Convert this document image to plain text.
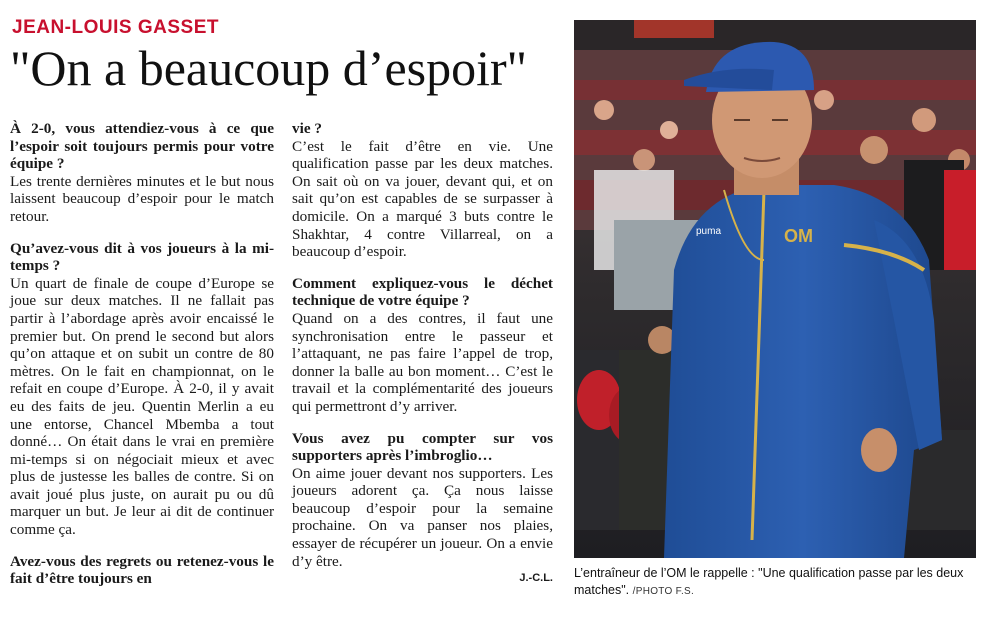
JEAN-LOUIS GASSET
"On a beaucoup d’espoir"

À 2-0, vous attendiez-vous à ce que l’espoir soit toujours permis pour votre équipe ?

Les trente dernières minutes et le but nous laissent beaucoup d’espoir pour le match retour.

Qu’avez-vous dit à vos joueurs à la mi-temps ?

Un quart de finale de coupe d’Europe se joue sur deux matches. Il ne fallait pas partir à l’abordage après avoir encaissé le premier but. On prend le second but alors qu’on attaque et on subit un contre de 80 mètres. On le fait en championnat, on le refait en coupe d’Europe. À 2-0, il y avait eu des faits de jeu. Quentin Merlin a eu une entorse, Chancel Mbemba a tout donné… On était dans le vrai en première mi-temps si on négociait mieux et avec plus de justesse les balles de contre. Si on avait joué plus juste, on aurait pu ou dû marquer un but. Je leur ai dit de continuer comme ça.

Avez-vous des regrets ou retenez-vous le fait d’être toujours en

vie ?

C’est le fait d’être en vie. Une qualification passe par les deux matches. On sait où on va jouer, devant qui, et on sait qu’on est capables de se surpasser à domicile. On a marqué 3 buts contre le Shakhtar, 4 contre Villarreal, on a beaucoup d’espoir.

Comment expliquez-vous le déchet technique de votre équipe ?

Quand on a des contres, il faut une synchronisation entre le passeur et l’attaquant, ne pas faire l’appel de trop, donner la balle au bon moment… C’est le travail et la complémentarité des joueurs qui permettront d’y arriver.

Vous avez pu compter sur vos supporters après l’imbroglio…

On aime jouer devant nos supporters. Les joueurs adorent ça. Ça nous laisse beaucoup d’espoir pour la semaine prochaine. On va panser nos plaies, essayer de récupérer un joueur. On a envie d’y être.

J.-C.L.

OM
puma
L’entraîneur de l’OM le rappelle : "Une qualification passe par les deux matches". /PHOTO F.S.
